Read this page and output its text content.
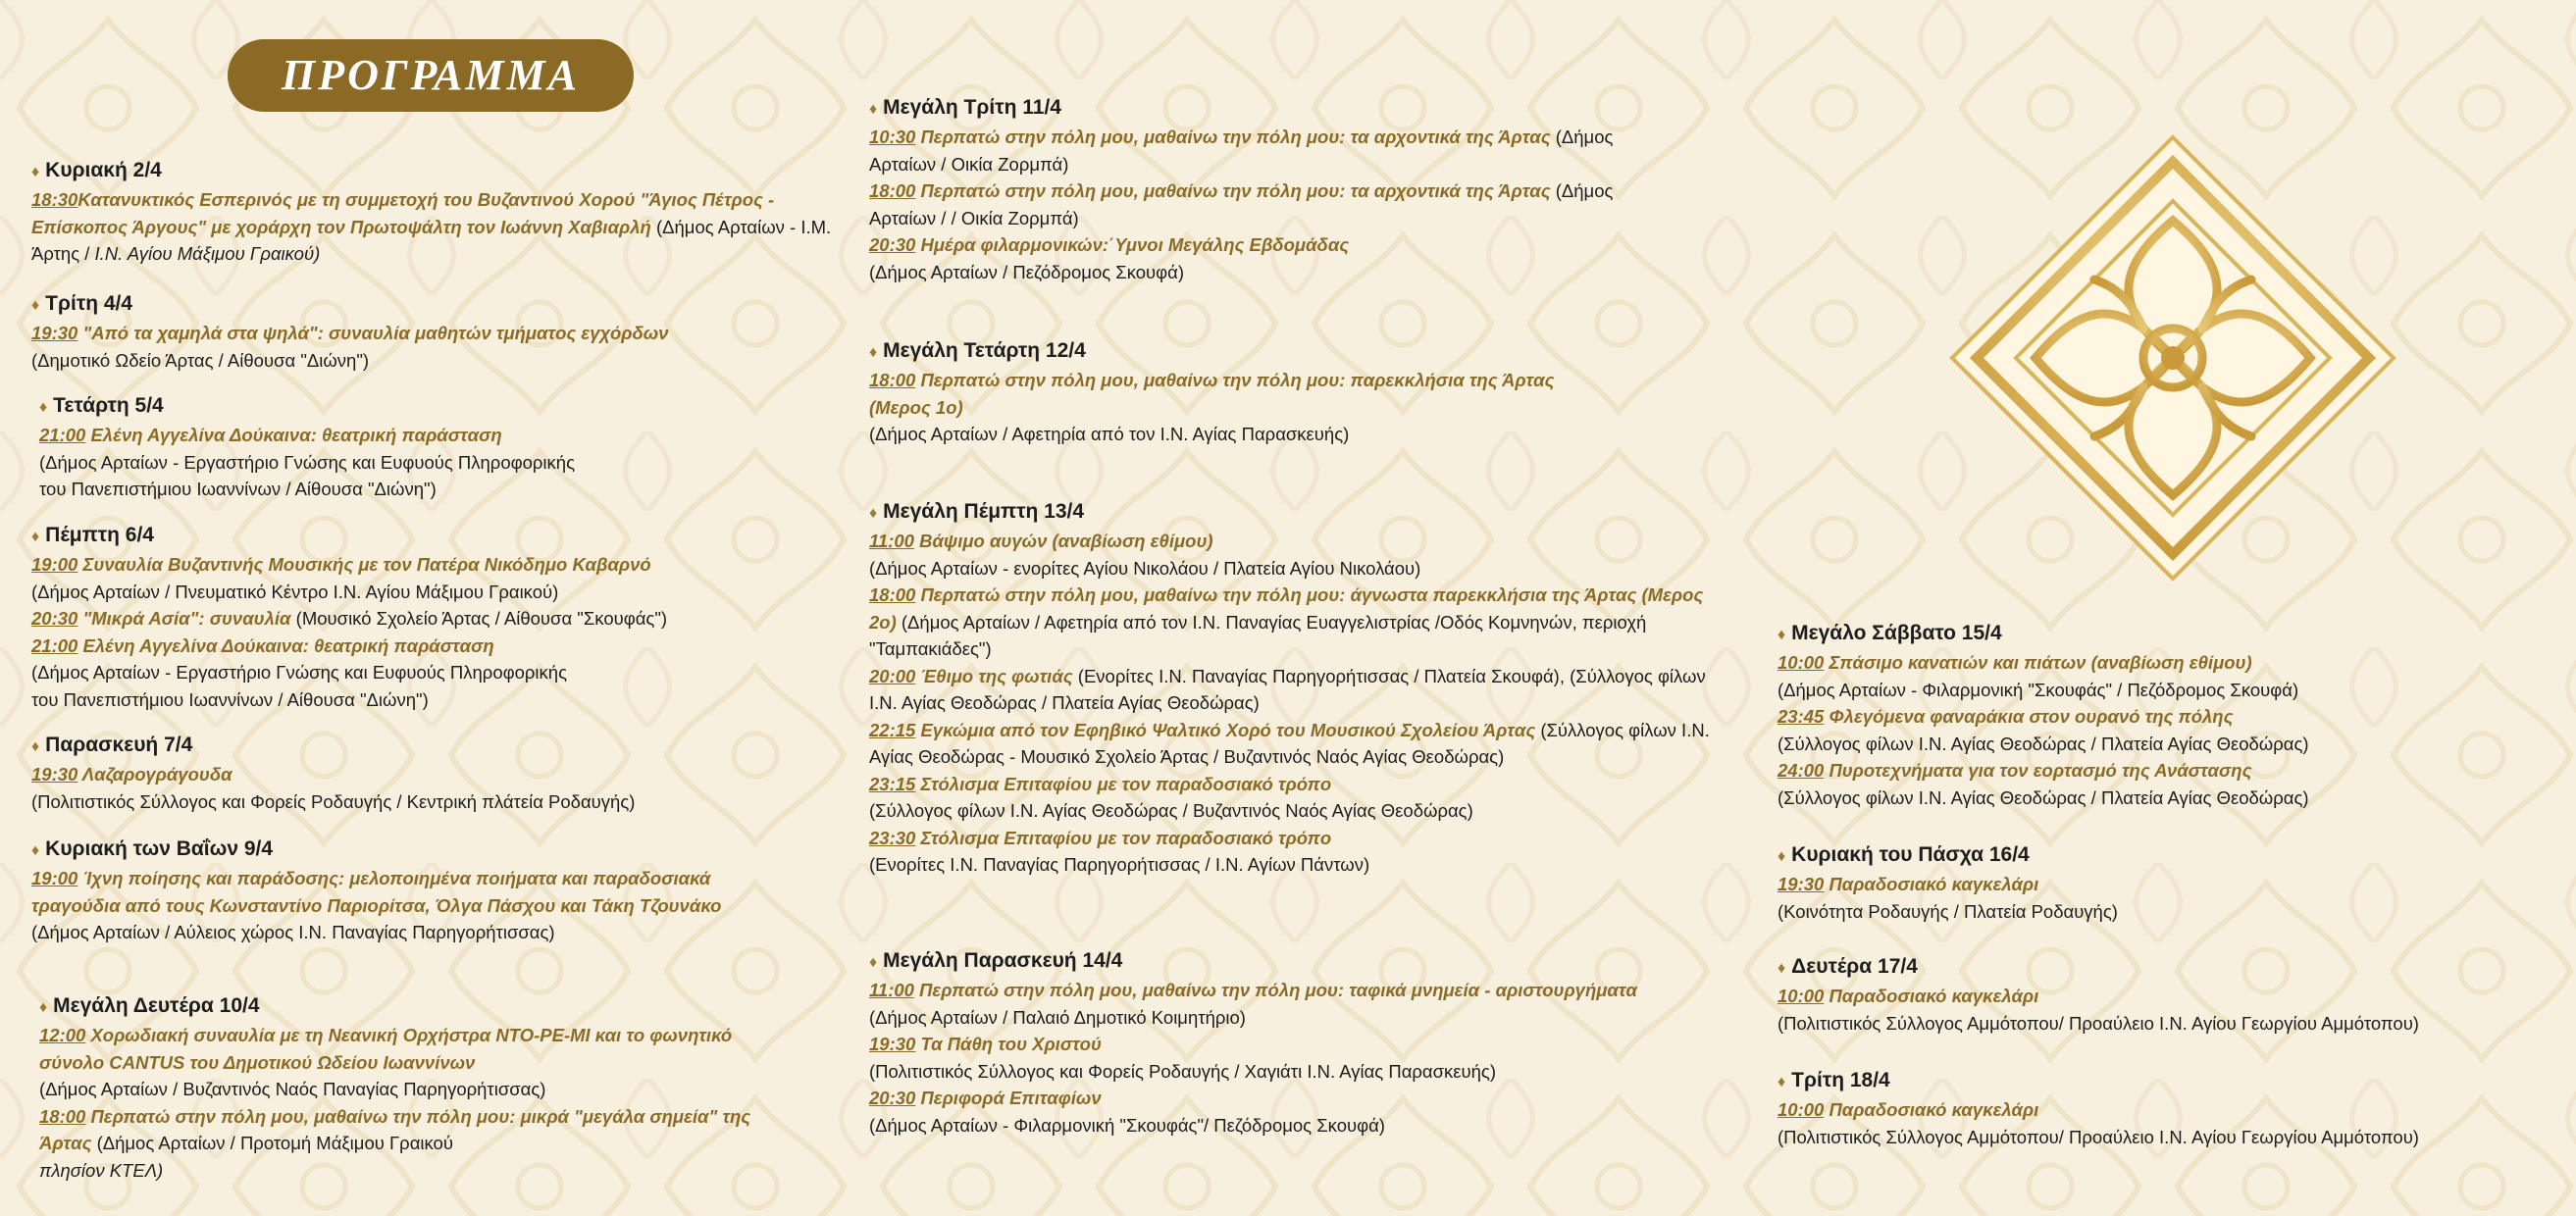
ΠΡΟΓΡΑΜΜΑ

♦ Κυριακή 2/4

18:30Κατανυκτικός Εσπερινός με τη συμμετοχή του Βυζαντινού Χορού "Άγιος Πέτρος - Επίσκοπος Άργους" με χοράρχη τον Πρωτοψάλτη τον Ιωάννη Χαβιαρλή (Δήμος Αρταίων - Ι.Μ. Άρτης / Ι.Ν. Αγίου Μάξιμου Γραικού)

♦ Τρίτη 4/4

19:30 "Από τα χαμηλά στα ψηλά": συναυλία μαθητών τμήματος εγχόρδων

(Δημοτικό Ωδείο Άρτας / Αίθουσα "Διώνη")

♦ Τετάρτη 5/4

21:00 Ελένη Αγγελίνα Δούκαινα: θεατρική παράσταση

(Δήμος Αρταίων - Εργαστήριο Γνώσης και Ευφυούς Πληροφορικής

του Πανεπιστήμιου Ιωαννίνων / Αίθουσα "Διώνη")

♦ Πέμπτη 6/4

19:00 Συναυλία Βυζαντινής Μουσικής με τον Πατέρα Νικόδημο Καβαρνό

(Δήμος Αρταίων / Πνευματικό Κέντρο Ι.Ν. Αγίου Μάξιμου Γραικού)

20:30 "Μικρά Ασία": συναυλία (Μουσικό Σχολείο Άρτας / Αίθουσα "Σκουφάς")

21:00 Ελένη Αγγελίνα Δούκαινα: θεατρική παράσταση

(Δήμος Αρταίων - Εργαστήριο Γνώσης και Ευφυούς Πληροφορικής

του Πανεπιστήμιου Ιωαννίνων / Αίθουσα "Διώνη")

♦ Παρασκευή 7/4

19:30 Λαζαρογράγουδα

(Πολιτιστικός Σύλλογος και Φορείς Ροδαυγής / Κεντρική πλάτεία Ροδαυγής)

♦ Κυριακή των Βαΐων 9/4

19:00 Ίχνη ποίησης και παράδοσης: μελοποιημένα ποιήματα και παραδοσιακά τραγούδια από τους Κωνσταντίνο Παριορίτσα, Όλγα Πάσχου και Τάκη Τζουνάκο

(Δήμος Αρταίων / Αύλειος χώρος Ι.Ν. Παναγίας Παρηγορήτισσας)

♦ Μεγάλη Δευτέρα 10/4

12:00 Χορωδιακή συναυλία με τη Νεανική Ορχήστρα ΝΤΟ-ΡΕ-ΜΙ και το φωνητικό σύνολο CANTUS του Δημοτικού Ωδείου Ιωαννίνων

(Δήμος Αρταίων / Βυζαντινός Ναός Παναγίας Παρηγορήτισσας)

18:00 Περπατώ στην πόλη μου, μαθαίνω την πόλη μου: μικρά "μεγάλα σημεία" της Άρτας (Δήμος Αρταίων / Προτομή Μάξιμου Γραικού

πλησίον ΚΤΕΛ)

♦ Μεγάλη Τρίτη 11/4

10:30 Περπατώ στην πόλη μου, μαθαίνω την πόλη μου: τα αρχοντικά της Άρτας (Δήμος Αρταίων / Οικία Ζορμπά)

18:00 Περπατώ στην πόλη μου, μαθαίνω την πόλη μου: τα αρχοντικά της Άρτας (Δήμος Αρταίων / / Οικία Ζορμπά)

20:30 Ημέρα φιλαρμονικών:΄Υμνοι Μεγάλης Εβδομάδας

(Δήμος Αρταίων / Πεζόδρομος Σκουφά)

♦ Μεγάλη Τετάρτη 12/4

18:00 Περπατώ στην πόλη μου, μαθαίνω την πόλη μου: παρεκκλήσια της Άρτας (Μερος 1ο)

(Δήμος Αρταίων / Αφετηρία από τον Ι.Ν. Αγίας Παρασκευής)

♦ Μεγάλη Πέμπτη 13/4

11:00 Βάψιμο αυγών (αναβίωση εθίμου)

(Δήμος Αρταίων - ενορίτες Αγίου Νικολάου / Πλατεία Αγίου Νικολάου)

18:00 Περπατώ στην πόλη μου, μαθαίνω την πόλη μου: άγνωστα παρεκκλήσια της Άρτας (Μερος 2ο) (Δήμος Αρταίων / Αφετηρία από τον Ι.Ν. Παναγίας Ευαγγελιστρίας /Οδός Κομνηνών, περιοχή "Ταμπακιάδες")

20:00 Έθιμο της φωτιάς (Ενορίτες Ι.Ν. Παναγίας Παρηγορήτισσας / Πλατεία Σκουφά), (Σύλλογος φίλων Ι.Ν. Αγίας Θεοδώρας / Πλατεία Αγίας Θεοδώρας)

22:15 Εγκώμια από τον Εφηβικό Ψαλτικό Χορό του Μουσικού Σχολείου Άρτας (Σύλλογος φίλων Ι.Ν. Αγίας Θεοδώρας - Μουσικό Σχολείο Άρτας / Βυζαντινός Ναός Αγίας Θεοδώρας)

23:15 Στόλισμα Επιταφίου με τον παραδοσιακό τρόπο

(Σύλλογος φίλων Ι.Ν. Αγίας Θεοδώρας / Βυζαντινός Ναός Αγίας Θεοδώρας)

23:30 Στόλισμα Επιταφίου με τον παραδοσιακό τρόπο

(Ενορίτες Ι.Ν. Παναγίας Παρηγορήτισσας / Ι.Ν. Αγίων Πάντων)

♦ Μεγάλη Παρασκευή 14/4

11:00 Περπατώ στην πόλη μου, μαθαίνω την πόλη μου: ταφικά μνημεία - αριστουργήματα (Δήμος Αρταίων / Παλαιό Δημοτικό Κοιμητήριο)

19:30 Τα Πάθη του Χριστού

(Πολιτιστικός Σύλλογος και Φορείς Ροδαυγής / Χαγιάτι Ι.Ν. Αγίας Παρασκευής)

20:30 Περιφορά Επιταφίων

(Δήμος Αρταίων - Φιλαρμονική "Σκουφάς"/ Πεζόδρομος Σκουφά)

♦ Μεγάλο Σάββατο 15/4

10:00 Σπάσιμο κανατιών και πιάτων (αναβίωση εθίμου)

(Δήμος Αρταίων - Φιλαρμονική "Σκουφάς" / Πεζόδρομος Σκουφά)

23:45 Φλεγόμενα φαναράκια στον ουρανό της πόλης

(Σύλλογος φίλων Ι.Ν. Αγίας Θεοδώρας / Πλατεία Αγίας Θεοδώρας)

24:00 Πυροτεχνήματα για τον εορτασμό της Ανάστασης

(Σύλλογος φίλων Ι.Ν. Αγίας Θεοδώρας / Πλατεία Αγίας Θεοδώρας)

♦ Κυριακή του Πάσχα 16/4

19:30 Παραδοσιακό καγκελάρι

(Κοινότητα Ροδαυγής / Πλατεία Ροδαυγής)

♦ Δευτέρα 17/4

10:00 Παραδοσιακό καγκελάρι

(Πολιτιστικός Σύλλογος Αμμότοπου/ Προαύλειο Ι.Ν. Αγίου Γεωργίου Αμμότοπου)

♦ Τρίτη 18/4

10:00 Παραδοσιακό καγκελάρι

(Πολιτιστικός Σύλλογος Αμμότοπου/ Προαύλειο Ι.Ν. Αγίου Γεωργίου Αμμότοπου)
